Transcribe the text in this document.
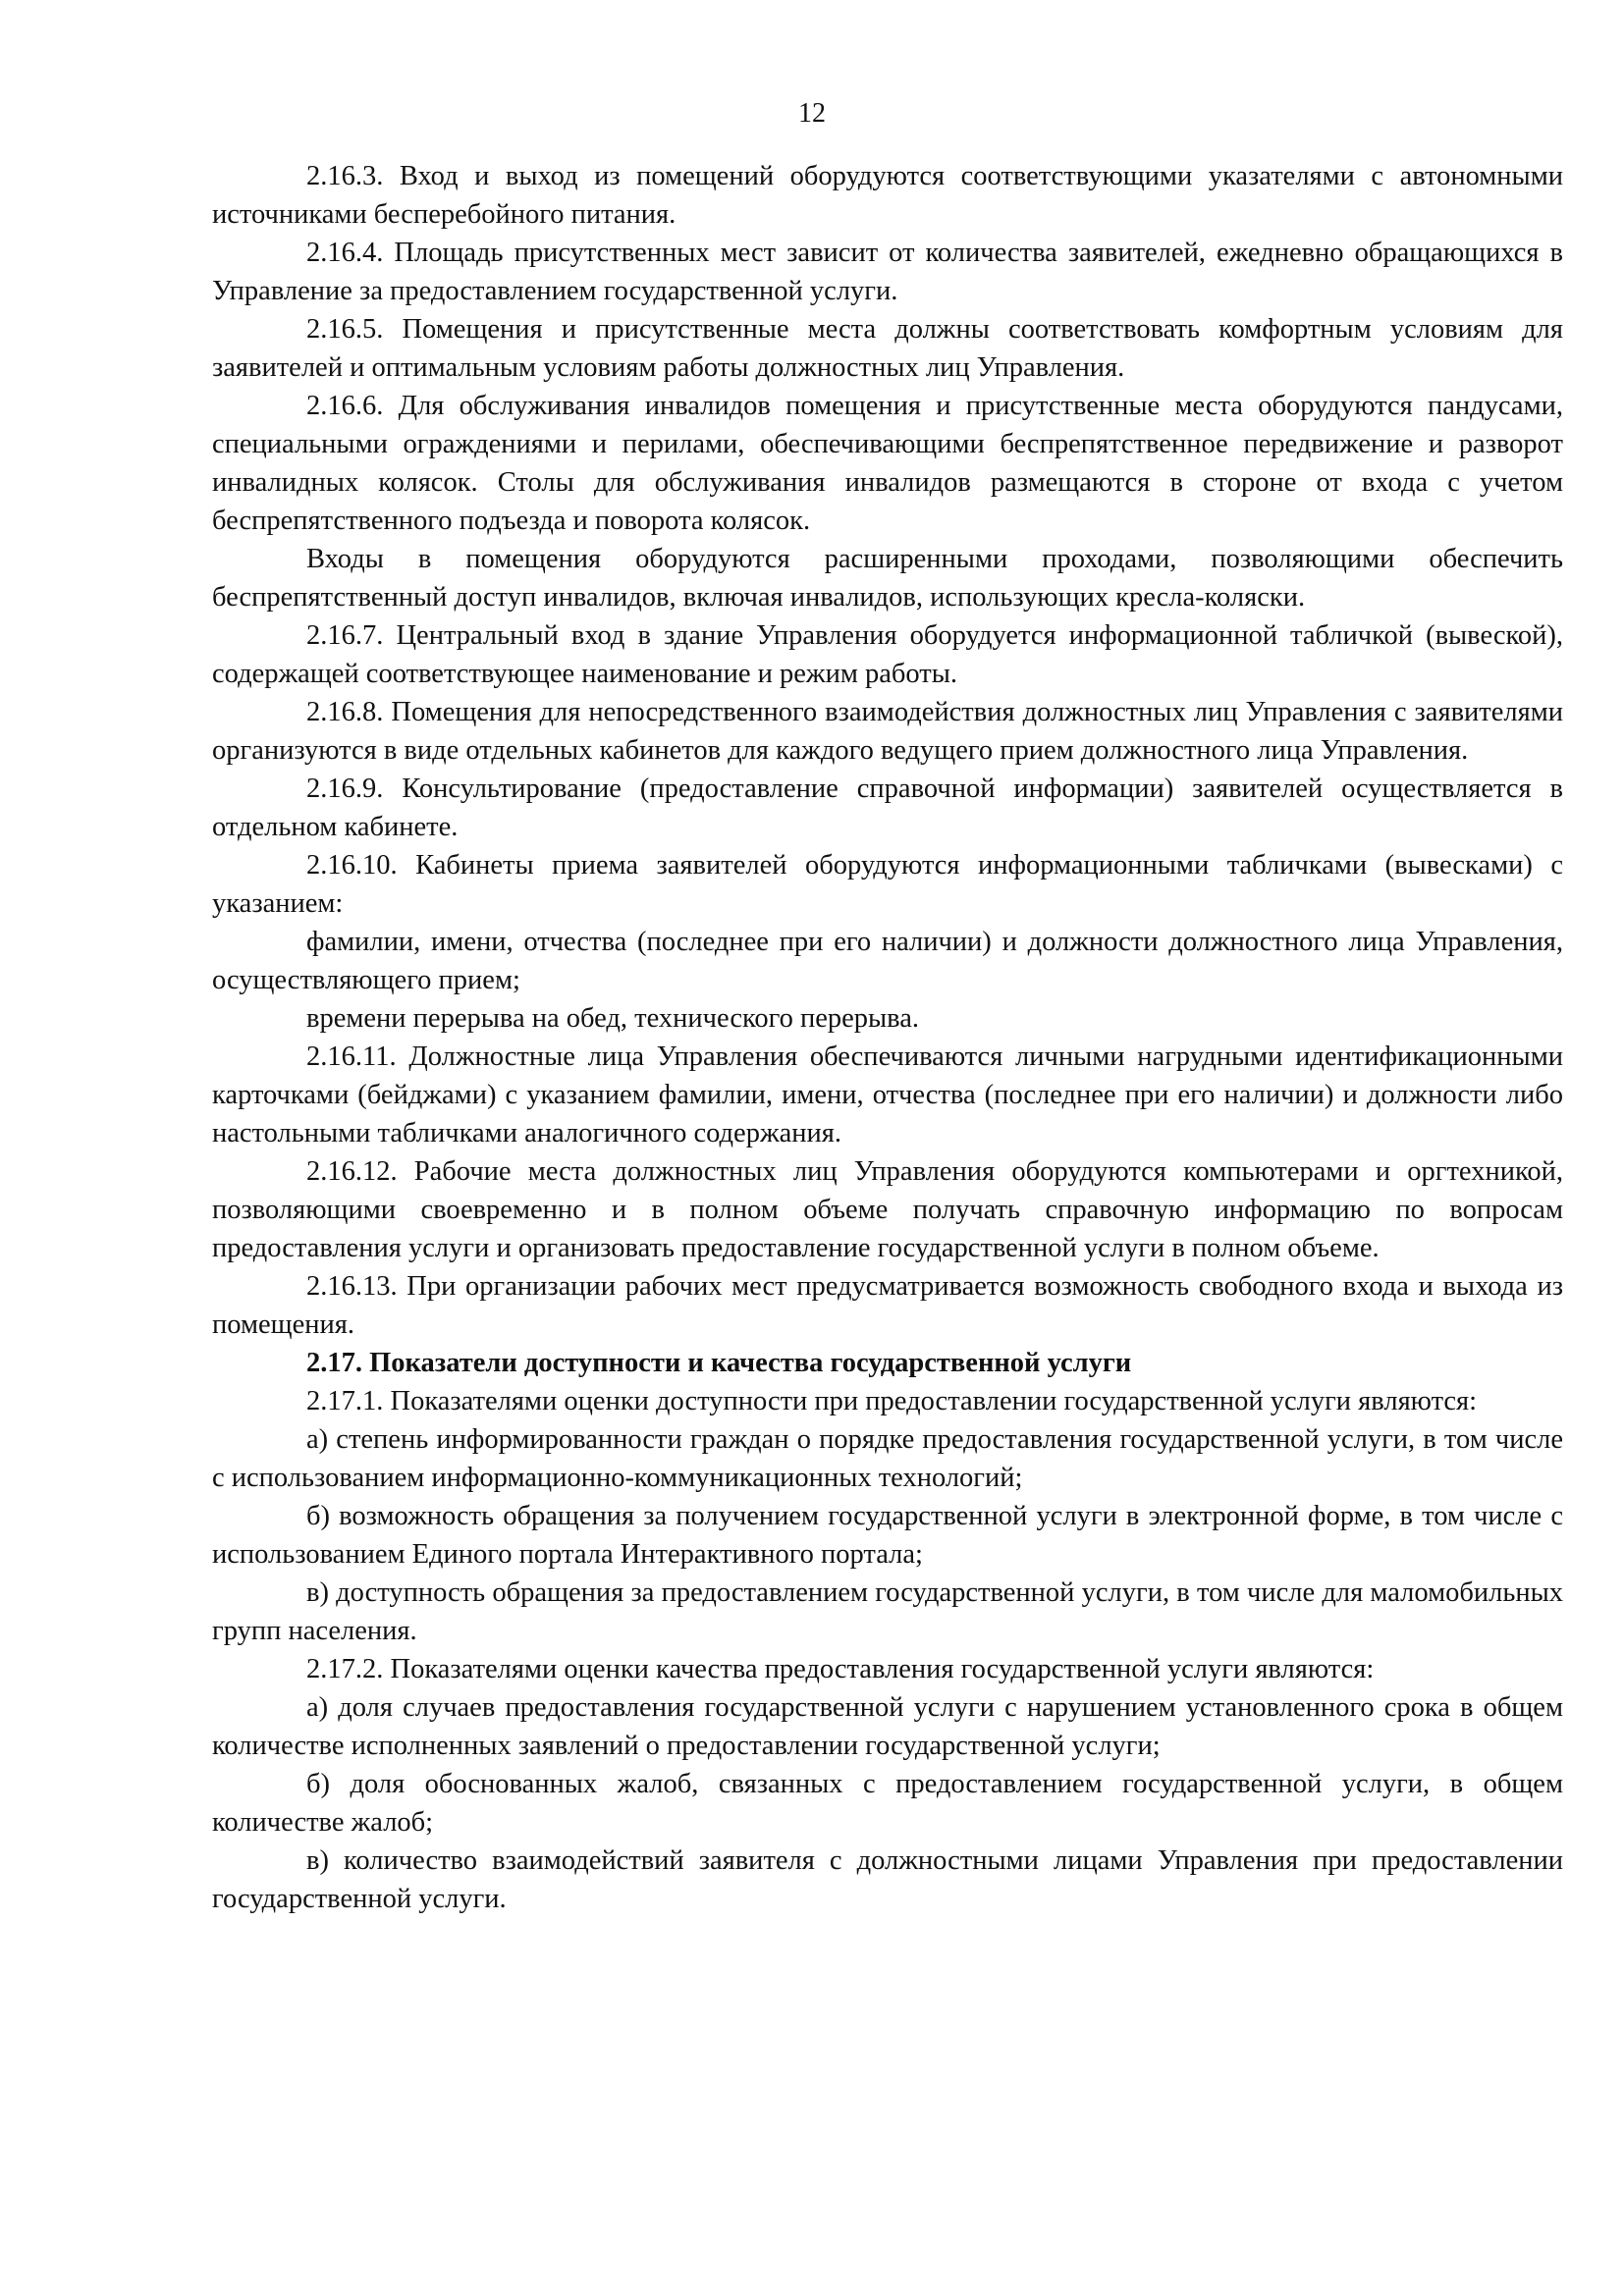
12

2.16.3. Вход и выход из помещений оборудуются соответствующими указателями с автономными источниками бесперебойного питания.

2.16.4. Площадь присутственных мест зависит от количества заявителей, ежедневно обращающихся в Управление за предоставлением государственной услуги.

2.16.5. Помещения и присутственные места должны соответствовать комфортным условиям для заявителей и оптимальным условиям работы должностных лиц Управления.

2.16.6. Для обслуживания инвалидов помещения и присутственные места оборудуются пандусами, специальными ограждениями и перилами, обеспечивающими беспрепятственное передвижение и разворот инвалидных колясок. Столы для обслуживания инвалидов размещаются в стороне от входа с учетом беспрепятственного подъезда и поворота колясок.

Входы в помещения оборудуются расширенными проходами, позволяющими обеспечить беспрепятственный доступ инвалидов, включая инвалидов, использующих кресла-коляски.

2.16.7. Центральный вход в здание Управления оборудуется информационной табличкой (вывеской), содержащей соответствующее наименование и режим работы.

2.16.8. Помещения для непосредственного взаимодействия должностных лиц Управления с заявителями организуются в виде отдельных кабинетов для каждого ведущего прием должностного лица Управления.

2.16.9. Консультирование (предоставление справочной информации) заявителей осуществляется в отдельном кабинете.

2.16.10. Кабинеты приема заявителей оборудуются информационными табличками (вывесками) с указанием:

фамилии, имени, отчества (последнее при его наличии) и должности должностного лица Управления, осуществляющего прием;

времени перерыва на обед, технического перерыва.

2.16.11. Должностные лица Управления обеспечиваются личными нагрудными идентификационными карточками (бейджами) с указанием фамилии, имени, отчества (последнее при его наличии) и должности либо настольными табличками аналогичного содержания.

2.16.12. Рабочие места должностных лиц Управления оборудуются компьютерами и оргтехникой, позволяющими своевременно и в полном объеме получать справочную информацию по вопросам предоставления услуги и организовать предоставление государственной услуги в полном объеме.

2.16.13. При организации рабочих мест предусматривается возможность свободного входа и выхода из помещения.

2.17. Показатели доступности и качества государственной услуги

2.17.1. Показателями оценки доступности при предоставлении государственной услуги являются:

а) степень информированности граждан о порядке предоставления государственной услуги, в том числе с использованием информационно-коммуникационных технологий;

б) возможность обращения за получением государственной услуги в электронной форме, в том числе с использованием Единого портала Интерактивного портала;

в) доступность обращения за предоставлением государственной услуги, в том числе для маломобильных групп населения.

2.17.2. Показателями оценки качества предоставления государственной услуги являются:

а) доля случаев предоставления государственной услуги с нарушением установленного срока в общем количестве исполненных заявлений о предоставлении государственной услуги;

б) доля обоснованных жалоб, связанных с предоставлением государственной услуги, в общем количестве жалоб;

в) количество взаимодействий заявителя с должностными лицами Управления при предоставлении государственной услуги.
